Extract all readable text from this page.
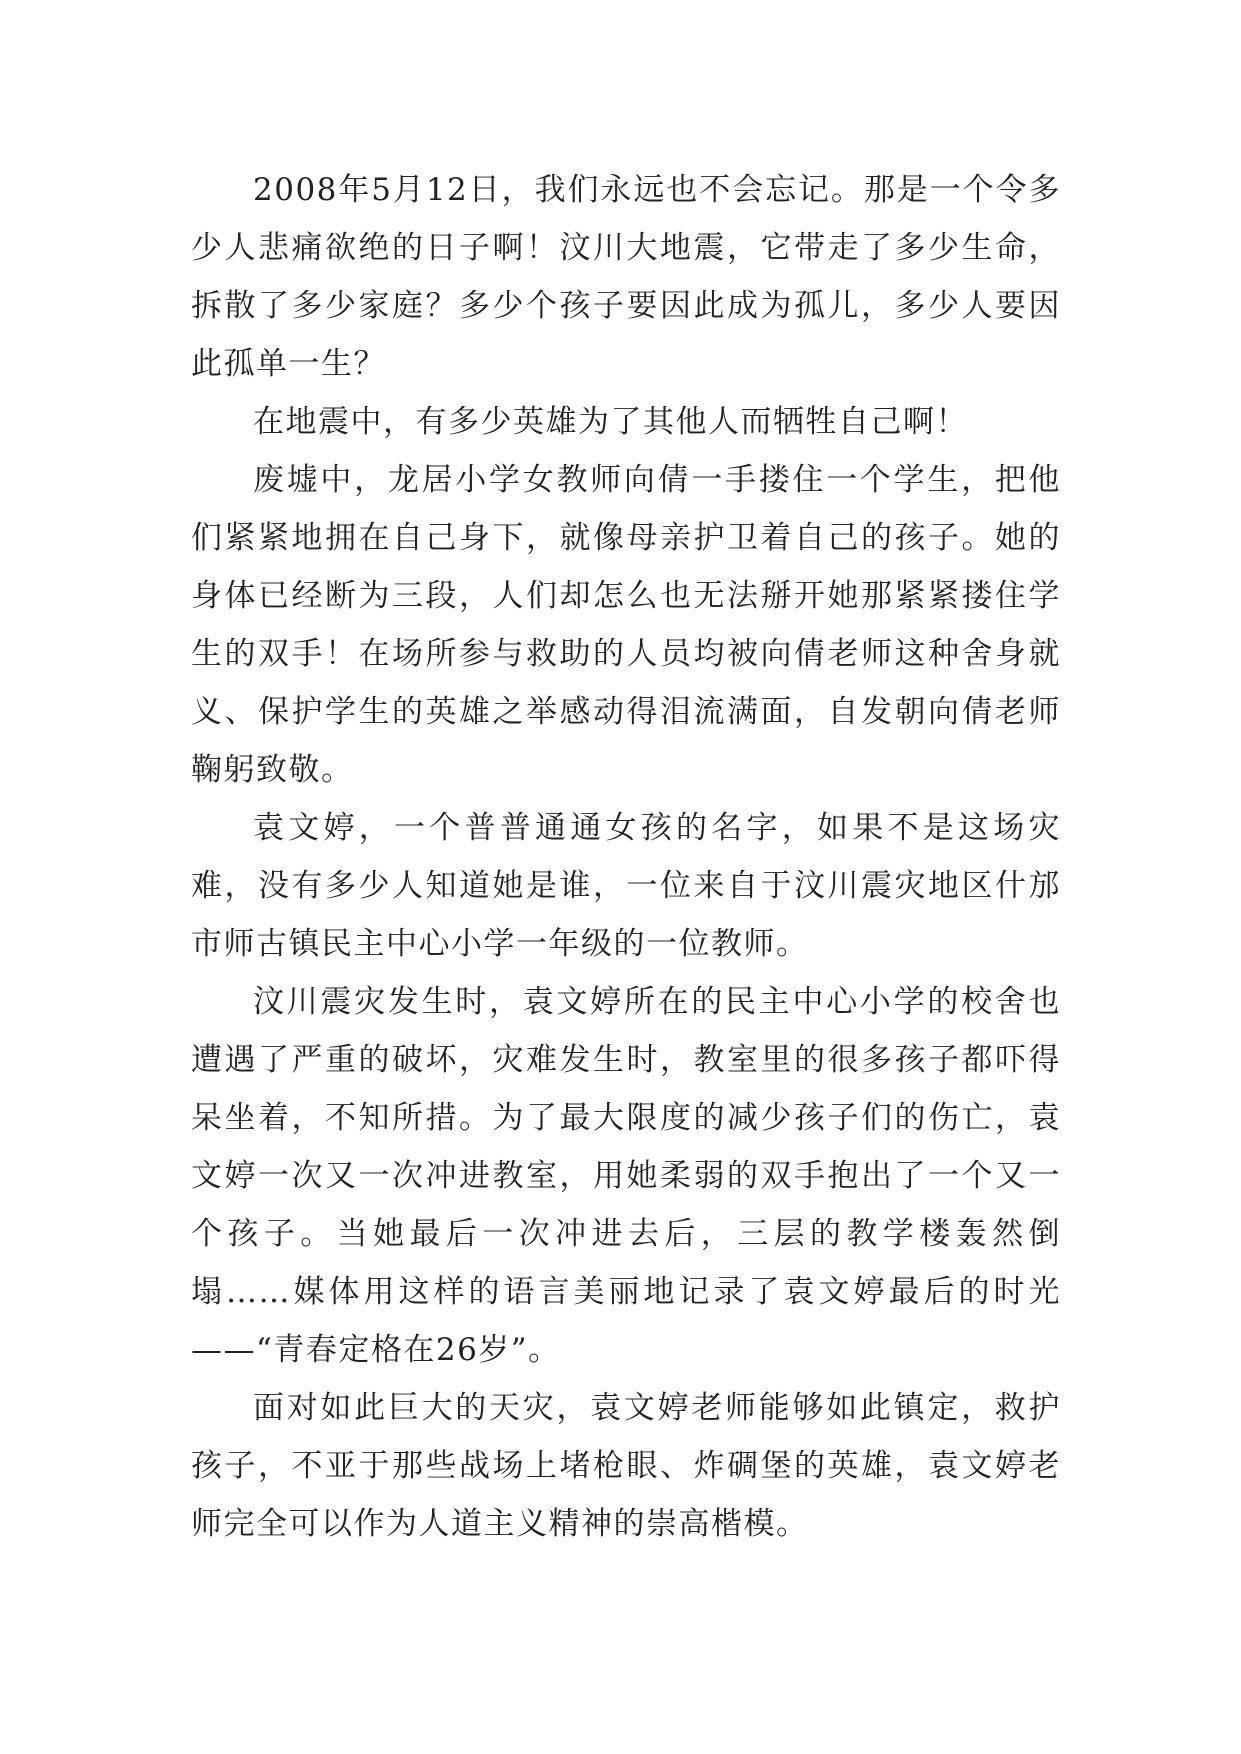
2008年5月12日，我们永远也不会忘记。那是一个令多少人悲痛欲绝的日子啊！汶川大地震，它带走了多少生命，拆散了多少家庭？多少个孩子要因此成为孤儿，多少人要因此孤单一生？

在地震中，有多少英雄为了其他人而牺牲自己啊！

废墟中，龙居小学女教师向倩一手搂住一个学生，把他们紧紧地拥在自己身下，就像母亲护卫着自己的孩子。她的身体已经断为三段，人们却怎么也无法掰开她那紧紧搂住学生的双手！在场所参与救助的人员均被向倩老师这种舍身就义、保护学生的英雄之举感动得泪流满面，自发朝向倩老师鞠躬致敬。

袁文婷，一个普普通通女孩的名字，如果不是这场灾难，没有多少人知道她是谁，一位来自于汶川震灾地区什邡市师古镇民主中心小学一年级的一位教师。

汶川震灾发生时，袁文婷所在的民主中心小学的校舍也遭遇了严重的破坏，灾难发生时，教室里的很多孩子都吓得呆坐着，不知所措。为了最大限度的减少孩子们的伤亡，袁文婷一次又一次冲进教室，用她柔弱的双手抱出了一个又一个孩子。当她最后一次冲进去后，三层的教学楼轰然倒塌……媒体用这样的语言美丽地记录了袁文婷最后的时光——“青春定格在26岁”。

面对如此巨大的天灾，袁文婷老师能够如此镇定，救护孩子，不亚于那些战场上堵枪眼、炸碉堡的英雄，袁文婷老师完全可以作为人道主义精神的崇高楷模。
